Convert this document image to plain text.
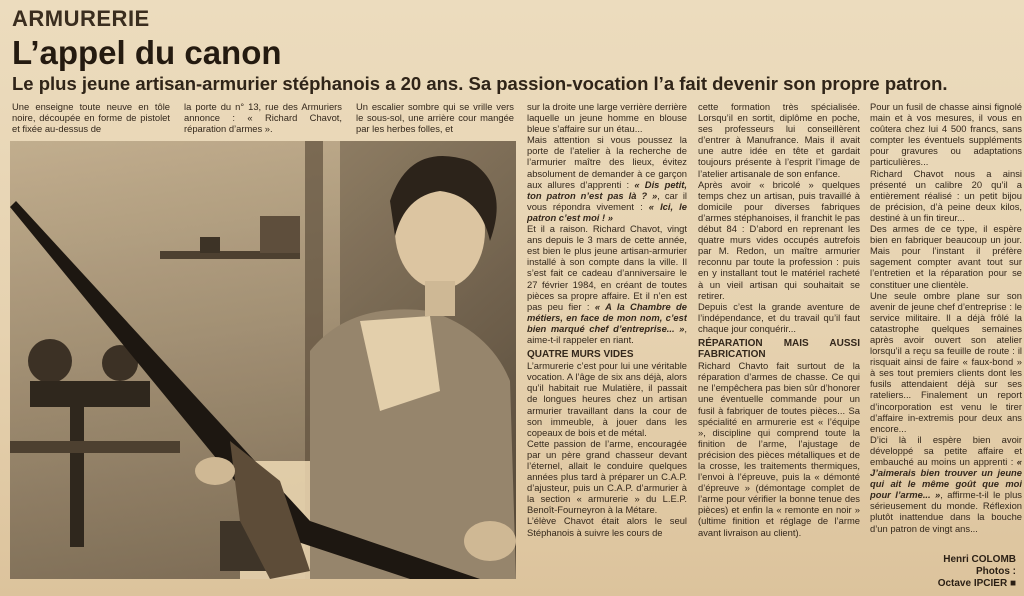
ARMURERIE
L’appel du canon
Le plus jeune artisan-armurier stéphanois a 20 ans. Sa passion-vocation l’a fait devenir son propre patron.

Une enseigne toute neuve en tôle noire, découpée en forme de pistolet et fixée au-dessus de

la porte du n° 13, rue des Armuriers annonce : « Richard Chavot, réparation d’armes ».

Un escalier sombre qui se vrille vers le sous-sol, une arrière cour mangée par les herbes folles, et

sur la droite une large verrière derrière laquelle un jeune homme en blouse bleue s’affaire sur un étau...

Mais attention si vous poussez la porte de l’atelier à la recherche de l’armurier maître des lieux, évitez absolument de demander à ce garçon aux allures d’apprenti : « Dis petit, ton patron n’est pas là ? », car il vous répondra vivement : « Ici, le patron c’est moi ! »

Et il a raison. Richard Chavot, vingt ans depuis le 3 mars de cette année, est bien le plus jeune artisan-armurier installé à son compte dans la ville. Il s’est fait ce cadeau d’anniversaire le 27 février 1984, en créant de toutes pièces sa propre affaire. Et il n’en est pas peu fier : « A la Chambre de métiers, en face de mon nom, c’est bien marqué chef d’entreprise... », aime-t-il rappeler en riant.

QUATRE MURS VIDES

L’armurerie c’est pour lui une véritable vocation. A l’âge de six ans déjà, alors qu’il habitait rue Mulatière, il passait de longues heures chez un artisan armurier travaillant dans la cour de son immeuble, à jouer dans les copeaux de bois et de métal.

Cette passion de l’arme, encouragée par un père grand chasseur devant l’éternel, allait le conduire quelques années plus tard à préparer un C.A.P. d’ajusteur, puis un C.A.P. d’armurier à la section « armurerie » du L.E.P. Benoît-Fourneyron à la Métare.

L’élève Chavot était alors le seul Stéphanois à suivre les cours de

cette formation très spécialisée. Lorsqu’il en sortit, diplôme en poche, ses professeurs lui conseillèrent d’entrer à Manufrance. Mais il avait une autre idée en tête et gardait toujours présente à l’esprit l’image de l’atelier artisanale de son enfance.

Après avoir « bricolé » quelques temps chez un artisan, puis travaillé à domicile pour diverses fabriques d’armes stéphanoises, il franchit le pas début 84 : D’abord en reprenant les quatre murs vides occupés autrefois par M. Redon, un maître armurier reconnu par toute la profession : puis en y installant tout le matériel racheté à un vieil artisan qui souhaitait se retirer.

Depuis c’est la grande aventure de l’indépendance, et du travail qu’il faut chaque jour conquérir...

RÉPARATION MAIS AUSSI FABRICATION

Richard Chavto fait surtout de la réparation d’armes de chasse. Ce qui ne l’empêchera pas bien sûr d’honorer une éventuelle commande pour un fusil à fabriquer de toutes pièces... Sa spécialité en armurerie est « l’équipe », discipline qui comprend toute la finition de l’arme, l’ajustage de précision des pièces métalliques et de la crosse, les traitements thermiques, l’envoi à l’épreuve, puis la « démonté d’épreuve » (démontage complet de l’arme pour vérifier la bonne tenue des pièces) et enfin la « remonte en noir » (ultime finition et réglage de l’arme avant livraison au client).

Pour un fusil de chasse ainsi fignolé main et à vos mesures, il vous en coûtera chez lui 4 500 francs, sans compter les éventuels suppléments pour gravures ou adaptations particulières...

Richard Chavot nous a ainsi présenté un calibre 20 qu’il a entièrement réalisé : un petit bijou de précision, d’à peine deux kilos, destiné à un fin tireur...

Des armes de ce type, il espère bien en fabriquer beaucoup un jour. Mais pour l’instant il préfère sagement compter avant tout sur l’entretien et la réparation pour se constituer une clientèle.

Une seule ombre plane sur son avenir de jeune chef d’entreprise : le service militaire. Il a déjà frôlé la catastrophe quelques semaines après avoir ouvert son atelier lorsqu’il a reçu sa feuille de route : il risquait ainsi de faire « faux-bond » à ses tout premiers clients dont les fusils attendaient déjà sur ses rateliers... Finalement un report d’incorporation est venu le tirer d’affaire in-extremis pour deux ans encore...

D’ici là il espère bien avoir développé sa petite affaire et embauché au moins un apprenti : « J’aimerais bien trouver un jeune qui ait le même goût que moi pour l’arme... », affirme-t-il le plus sérieusement du monde. Réflexion plutôt inattendue dans la bouche d’un patron de vingt ans...

Henri COLOMB
Photos :
Octave IPCIER ■
